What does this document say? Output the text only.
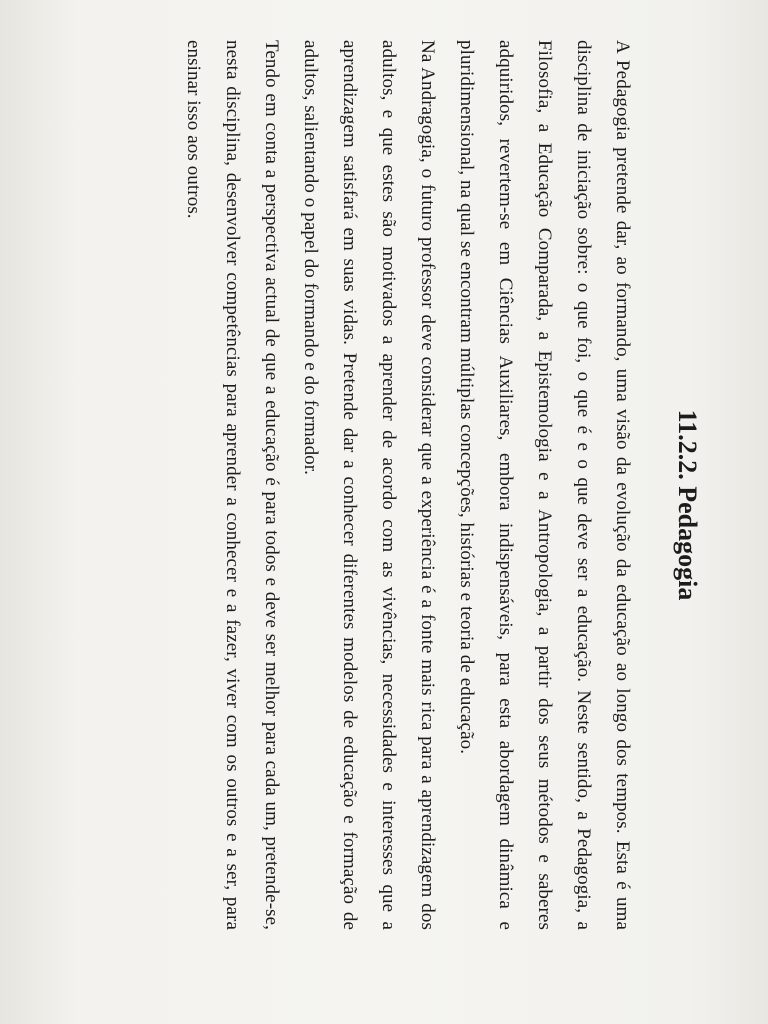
11.2.2. Pedagogia

A Pedagogia pretende dar, ao formando, uma visão da evolução da educação ao longo dos tempos. Esta é uma disciplina de iniciação sobre: o que foi, o que é e o que deve ser a educação. Neste sentido, a Pedagogia, a Filosofia, a Educação Comparada, a Epistemologia e a Antropologia, a partir dos seus métodos e saberes adquiridos, revertem-se em Ciências Auxiliares, embora indispensáveis, para esta abordagem dinâmica e pluridimensional, na qual se encontram múltiplas concepções, histórias e teoria de educação.

Na Andragogia, o futuro professor deve considerar que a experiência é a fonte mais rica para a aprendizagem dos adultos, e que estes são motivados a aprender de acordo com as vivências, necessidades e interesses que a aprendizagem satisfará em suas vidas. Pretende dar a conhecer diferentes modelos de educação e formação de adultos, salientando o papel do formando e do formador.

Tendo em conta a perspectiva actual de que a educação é para todos e deve ser melhor para cada um, pretende-se, nesta disciplina, desenvolver competências para aprender a conhecer e a fazer, viver com os outros e a ser, para ensinar isso aos outros.
